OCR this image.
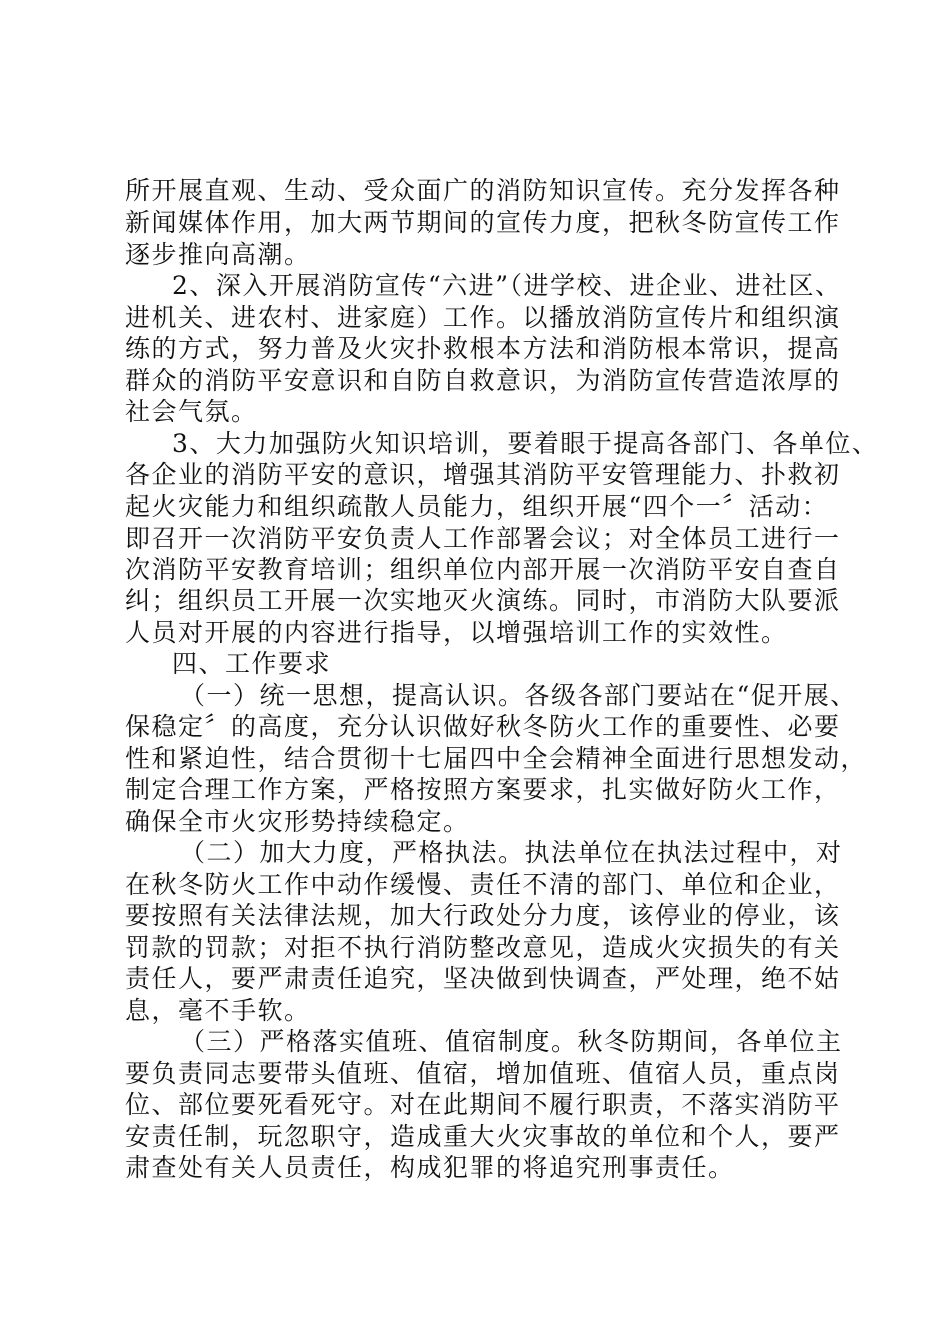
所开展直观、生动、受众面广的消防知识宣传。充分发挥各种

新闻媒体作用，加大两节期间的宣传力度，把秋冬防宣传工作

逐步推向高潮。

2、深入开展消防宣传“六进”（进学校、进企业、进社区、

进机关、进农村、进家庭）工作。以播放消防宣传片和组织演

练的方式，努力普及火灾扑救根本方法和消防根本常识，提高

群众的消防平安意识和自防自救意识，为消防宣传营造浓厚的

社会气氛。

3、大力加强防火知识培训，要着眼于提高各部门、各单位、

各企业的消防平安的意识，增强其消防平安管理能力、扑救初

起火灾能力和组织疏散人员能力，组织开展“四个一〞活动：

即召开一次消防平安负责人工作部署会议；对全体员工进行一

次消防平安教育培训；组织单位内部开展一次消防平安自查自

纠；组织员工开展一次实地灭火演练。同时，市消防大队要派

人员对开展的内容进行指导，以增强培训工作的实效性。

四、工作要求

（一）统一思想，提高认识。各级各部门要站在“促开展、

保稳定〞的高度，充分认识做好秋冬防火工作的重要性、必要

性和紧迫性，结合贯彻十七届四中全会精神全面进行思想发动，

制定合理工作方案，严格按照方案要求，扎实做好防火工作，

确保全市火灾形势持续稳定。

（二）加大力度，严格执法。执法单位在执法过程中，对

在秋冬防火工作中动作缓慢、责任不清的部门、单位和企业，

要按照有关法律法规，加大行政处分力度，该停业的停业，该

罚款的罚款；对拒不执行消防整改意见，造成火灾损失的有关

责任人，要严肃责任追究，坚决做到快调查，严处理，绝不姑

息，毫不手软。

（三）严格落实值班、值宿制度。秋冬防期间，各单位主

要负责同志要带头值班、值宿，增加值班、值宿人员，重点岗

位、部位要死看死守。对在此期间不履行职责，不落实消防平

安责任制，玩忽职守，造成重大火灾事故的单位和个人，要严

肃查处有关人员责任，构成犯罪的将追究刑事责任。
